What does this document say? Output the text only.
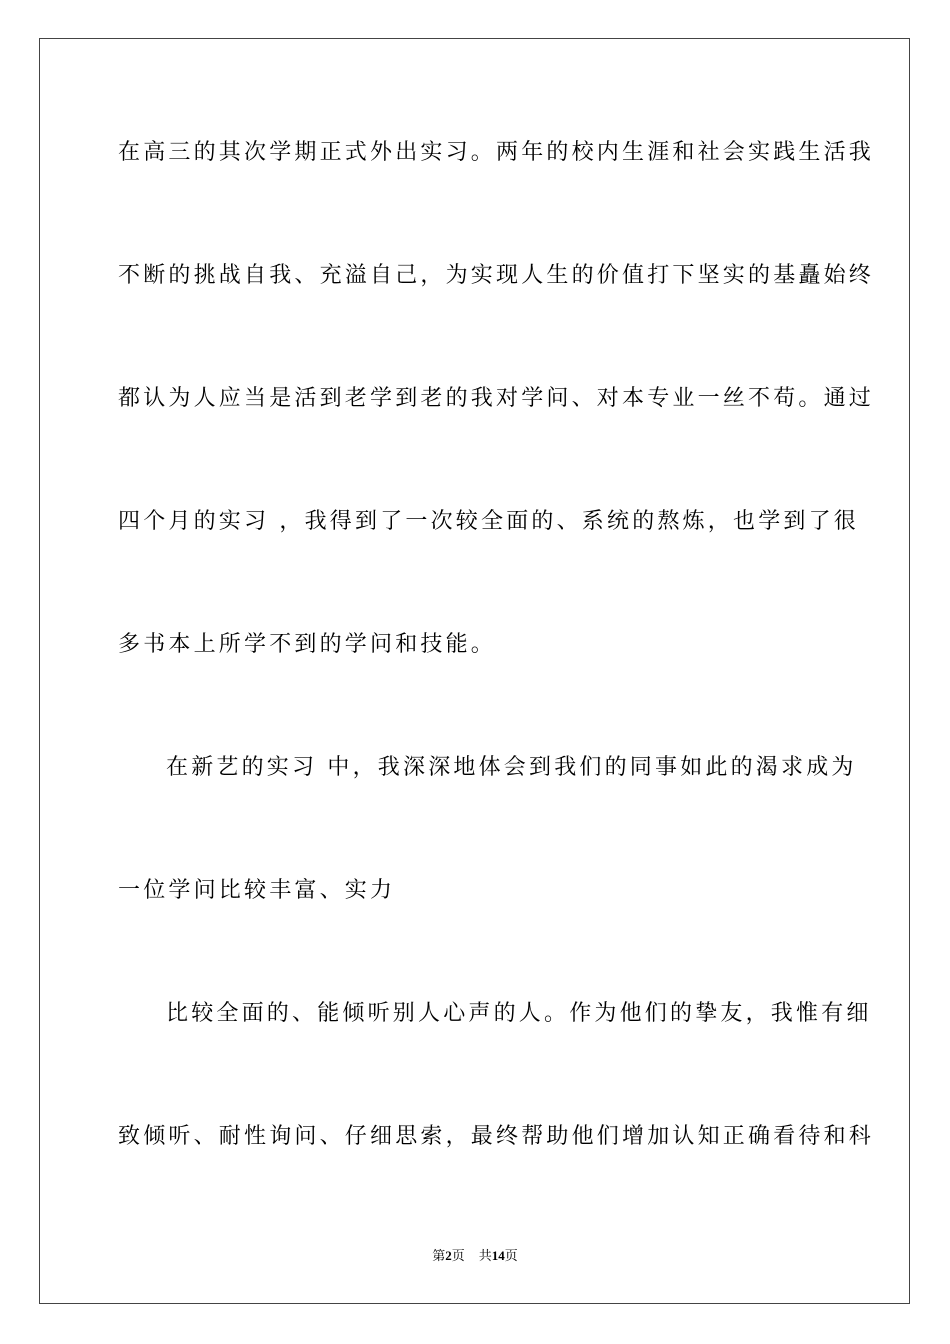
在高三的其次学期正式外出实习。两年的校内生涯和社会实践生活我
不断的挑战自我、充溢自己，为实现人生的价值打下坚实的基矗始终
都认为人应当是活到老学到老的我对学问、对本专业一丝不苟。通过
四个月的实习 ，我得到了一次较全面的、系统的熬炼，也学到了很
多书本上所学不到的学问和技能。
在新艺的实习 中，我深深地体会到我们的同事如此的渴求成为
一位学问比较丰富、实力
比较全面的、能倾听别人心声的人。作为他们的挚友，我惟有细
致倾听、耐性询问、仔细思索，最终帮助他们增加认知正确看待和科
第2页 共14页
